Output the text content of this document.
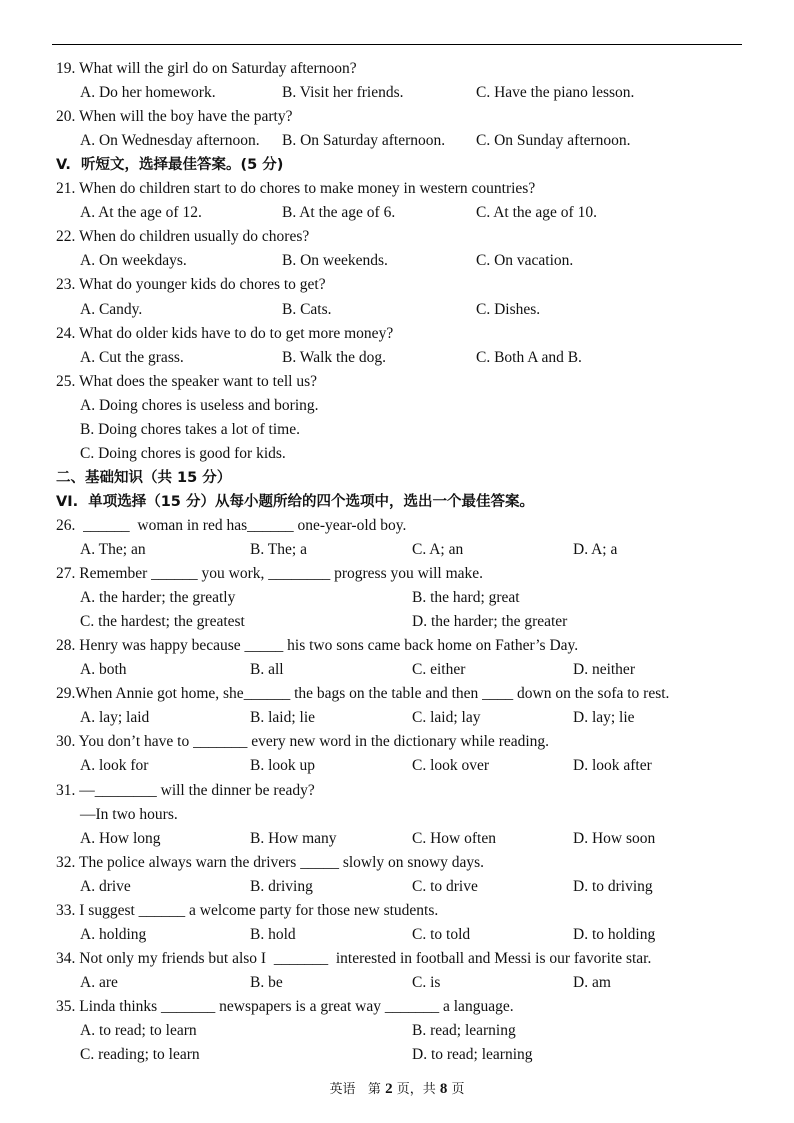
19. What will the girl do on Saturday afternoon?
A. Do her homework.	B. Visit her friends.	C. Have the piano lesson.
20. When will the boy have the party?
A. On Wednesday afternoon. B. On Saturday afternoon. C. On Sunday afternoon.
V.  听短文，选择最佳答案。(5 分)
21. When do children start to do chores to make money in western countries?
A. At the age of 12.	B. At the age of 6.	C. At the age of 10.
22. When do children usually do chores?
A. On weekdays.	B. On weekends.	C. On vacation.
23. What do younger kids do chores to get?
A. Candy.	B. Cats.	C. Dishes.
24. What do older kids have to do to get more money?
A. Cut the grass.	B. Walk the dog.	C. Both A and B.
25. What does the speaker want to tell us?
A. Doing chores is useless and boring.
B. Doing chores takes a lot of time.
C. Doing chores is good for kids.
二、基础知识（共 15 分）
VI.  单项选择（15 分）从每小题所给的四个选项中，选出一个最佳答案。
26.  ______  woman in red has______ one-year-old boy.
A. The; an	B. The; a	C. A; an	D. A; a
27. Remember ______ you work, ________ progress you will make.
A. the harder; the greatly	B. the hard; great
C. the hardest; the greatest	D. the harder; the greater
28. Henry was happy because _____ his two sons came back home on Father’s Day.
A. both	B. all	C. either	D. neither
29.When Annie got home, she______ the bags on the table and then ____ down on the sofa to rest.
A. lay; laid	B. laid; lie	C. laid; lay	D. lay; lie
30. You don’t have to _______ every new word in the dictionary while reading.
A. look for	B. look up	C. look over	D. look after
31. —________ will the dinner be ready?
—In two hours.
A. How long	B. How many	C. How often	D. How soon
32. The police always warn the drivers _____ slowly on snowy days.
A. drive	B. driving	C. to drive	D. to driving
33. I suggest ______ a welcome party for those new students.
A. holding	B. hold	C. to told	D. to holding
34. Not only my friends but also I  _______  interested in football and Messi is our favorite star.
A. are	B. be	C. is	D. am
35. Linda thinks _______ newspapers is a great way _______ a language.
A. to read; to learn	B. read; learning
C. reading; to learn	D. to read; learning
英语 第 2 页，共 8 页
